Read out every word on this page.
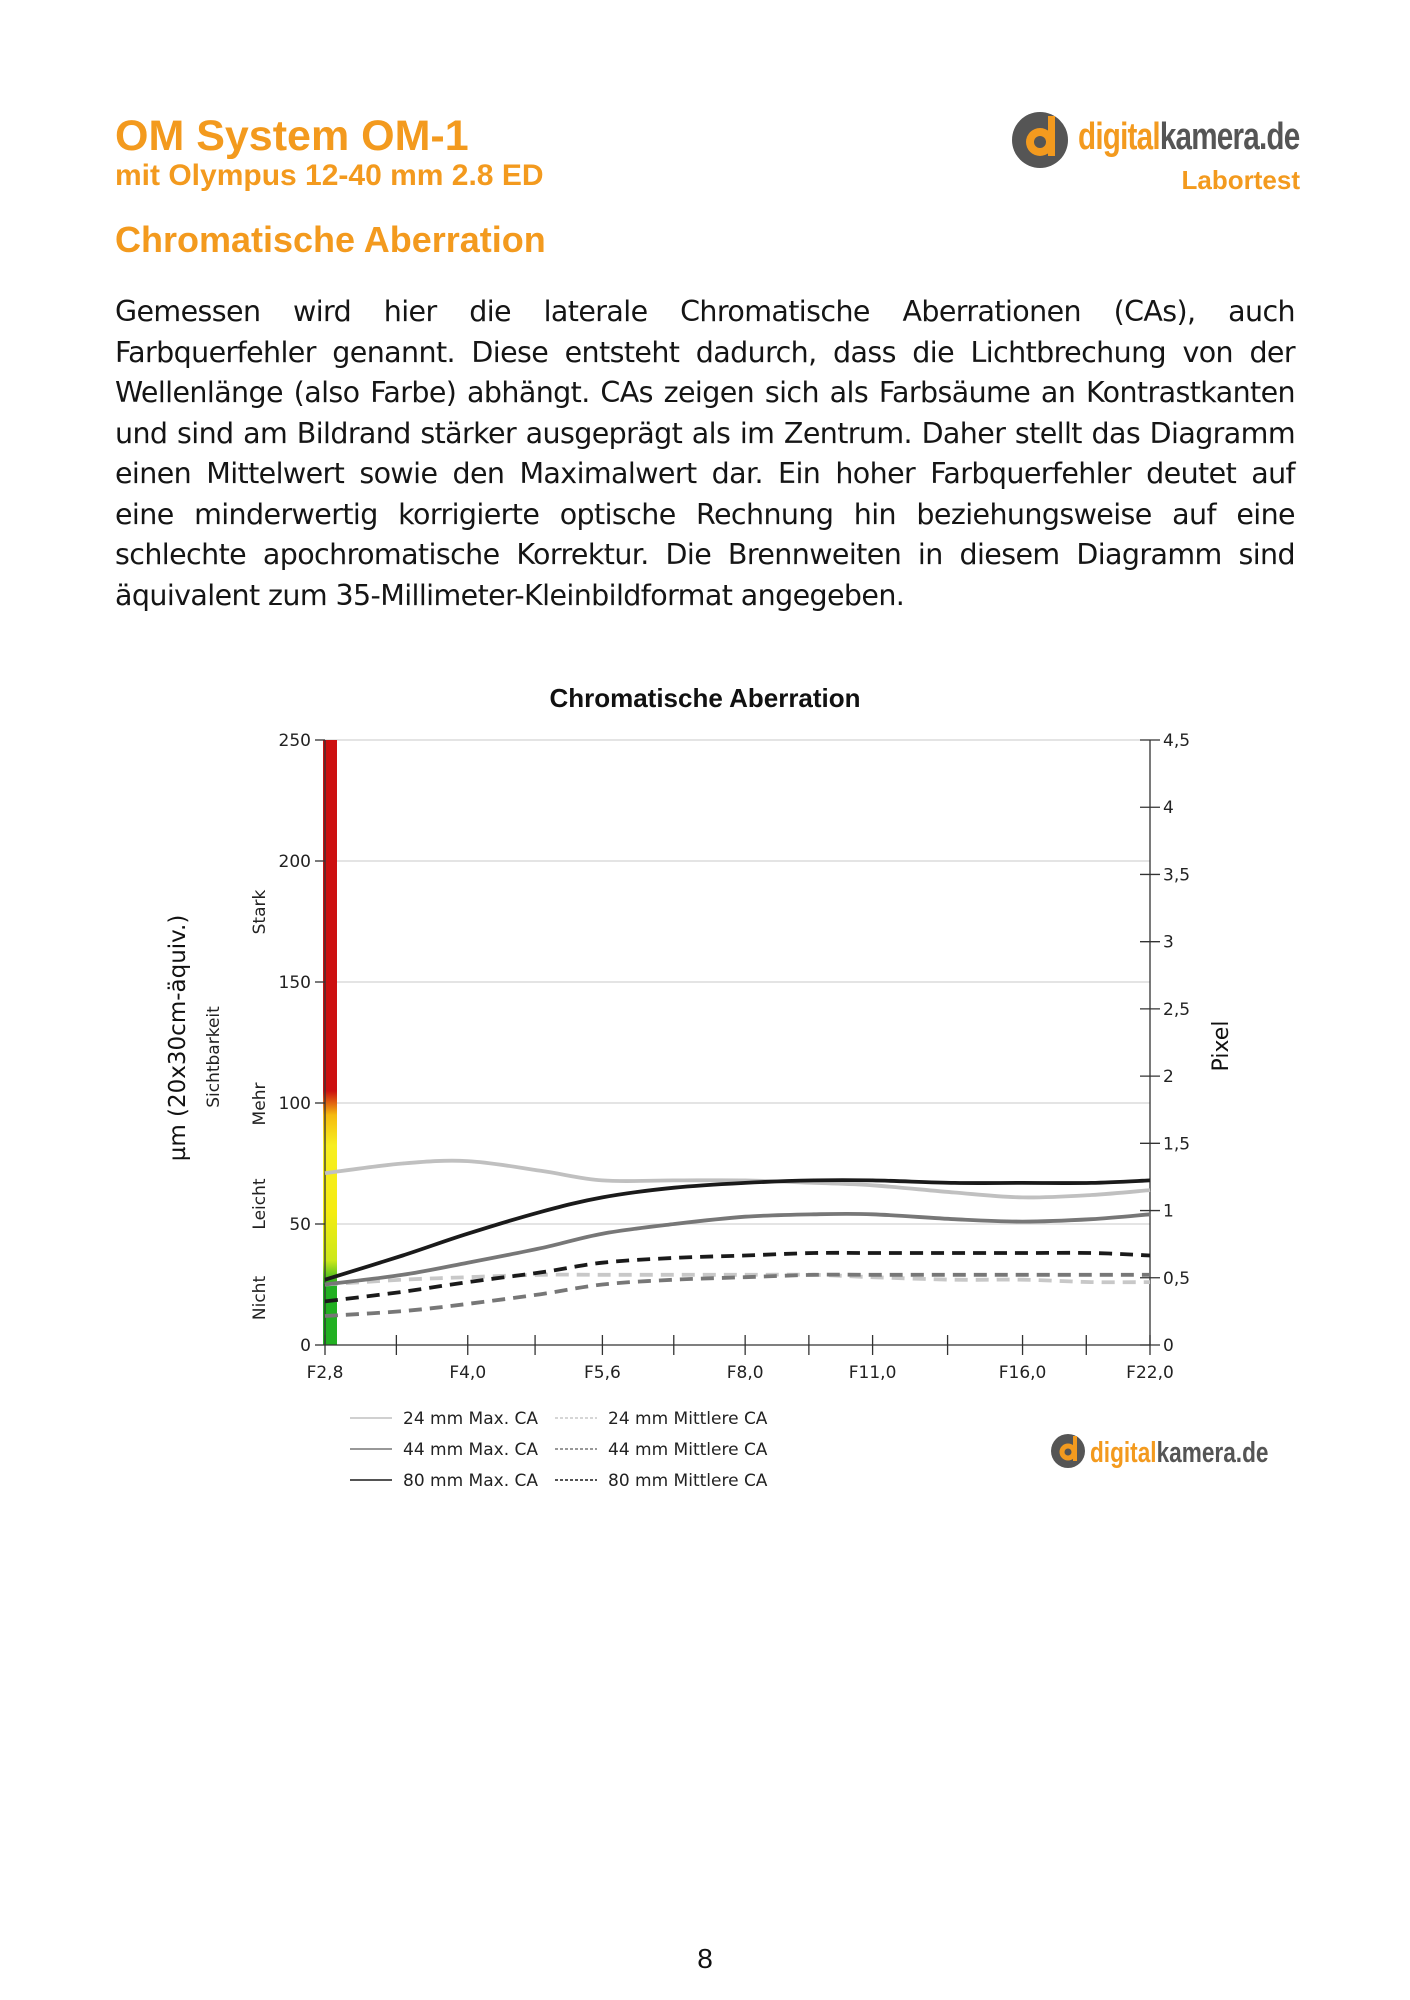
OM System OM-1
mit Olympus 12-40 mm 2.8 ED
digitalkamera.de
Labortest
Chromatische Aberration
Gemessen wird hier die laterale Chromatische Aberrationen (CAs), auch Farbquerfehler genannt. Diese entsteht dadurch, dass die Lichtbrechung von der Wellenlänge (also Farbe) abhängt. CAs zeigen sich als Farbsäume an Kontrastkanten und sind am Bildrand stärker ausgeprägt als im Zentrum. Daher stellt das Diagramm einen Mittelwert sowie den Maximalwert dar. Ein hoher Farbquerfehler deutet auf eine minderwertig korrigierte optische Rechnung hin beziehungsweise auf eine schlechte apochromatische Korrektur. Die Brennweiten in diesem Diagramm sind äquivalent zum 35-Millimeter-Kleinbildformat angegeben.
0
50
100
150
200
250
0
0,5
1
1,5
2
2,5
3
3,5
4
4,5
F2,8	F4,0	F5,6	F8,0	F11,0	F16,0	F22,0
Chromatische Aberration
µm (20x30cm-äquiv.) Sichtbarkeit
Nicht
Leicht
Mehr
Stark
Pixel
digitalkamera.de
24 mm Max. CA	24 mm Mittlere CA
44 mm Max. CA	44 mm Mittlere CA
80 mm Max. CA	80 mm Mittlere CA
8
